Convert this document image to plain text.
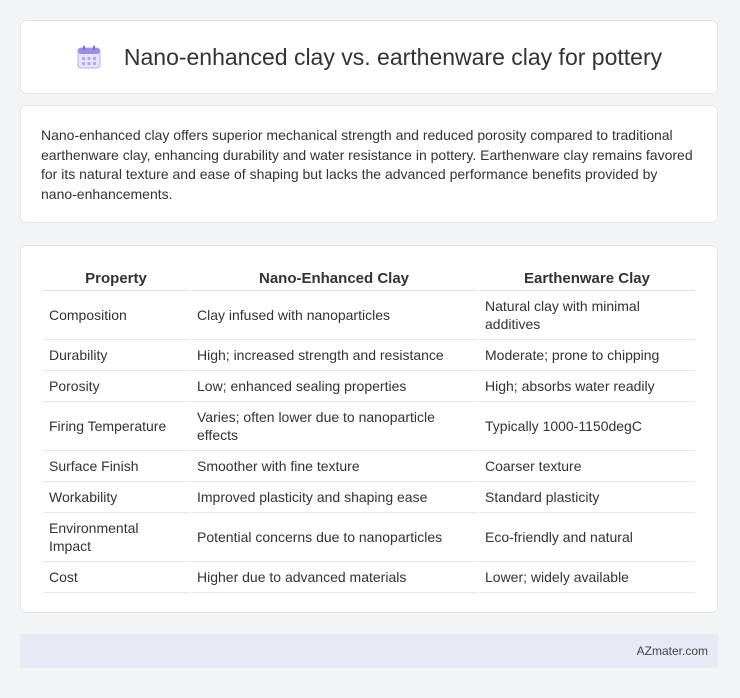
Nano-enhanced clay vs. earthenware clay for pottery

Nano-enhanced clay offers superior mechanical strength and reduced porosity compared to traditional earthenware clay, enhancing durability and water resistance in pottery. Earthenware clay remains favored for its natural texture and ease of shaping but lacks the advanced performance benefits provided by nano-enhancements.

Property	Nano-Enhanced Clay	Earthenware Clay
Composition	Clay infused with nanoparticles	Natural clay with minimal additives
Durability	High; increased strength and resistance	Moderate; prone to chipping
Porosity	Low; enhanced sealing properties	High; absorbs water readily
Firing Temperature	Varies; often lower due to nanoparticle effects	Typically 1000-1150degC
Surface Finish	Smoother with fine texture	Coarser texture
Workability	Improved plasticity and shaping ease	Standard plasticity
Environmental Impact	Potential concerns due to nanoparticles	Eco-friendly and natural
Cost	Higher due to advanced materials	Lower; widely available
AZmater.com
